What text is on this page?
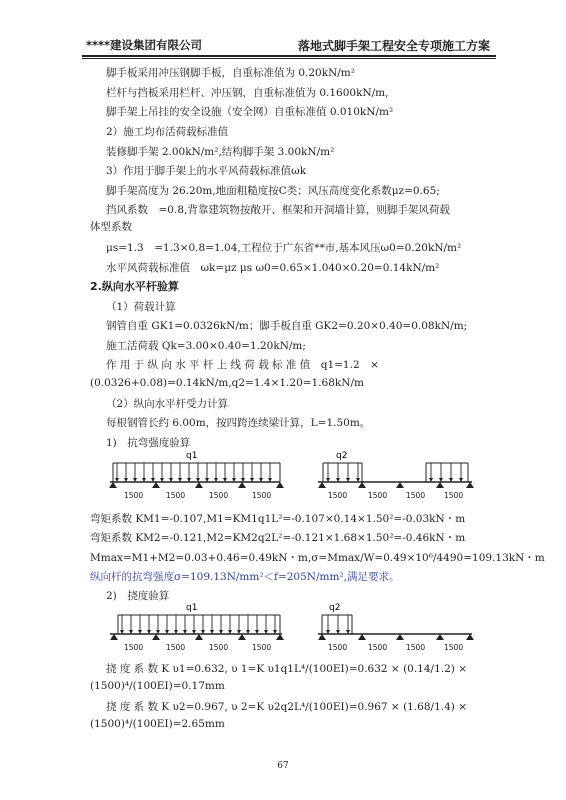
****建设集团有限公司	落地式脚手架工程安全专项施工方案
脚手板采用冲压钢脚手板，自重标准值为 0.20kN/m²
栏杆与挡板采用栏杆、冲压钢，自重标准值为 0.1600kN/m,
脚手架上吊挂的安全设施（安全网）自重标准值 0.010kN/m²
2）施工均布活荷载标准值
装修脚手架 2.00kN/m²,结构脚手架 3.00kN/m²
3）作用于脚手架上的水平风荷载标准值ωk
脚手架高度为 26.20m,地面粗糙度按C类；风压高度变化系数μz=0.65;
挡风系数　=0.8,背靠建筑物按敞开、框架和开洞墙计算，则脚手架风荷载
体型系数
μs=1.3　=1.3×0.8=1.04,工程位于广东省**市,基本风压ω0=0.20kN/m²
水平风荷载标准值　ωk=μz μs ω0=0.65×1.040×0.20=0.14kN/m²
2.纵向水平杆验算
（1）荷载计算
钢管自重 GK1=0.0326kN/m；脚手板自重 GK2=0.20×0.40=0.08kN/m;
施工活荷载 Qk=3.00×0.40=1.20kN/m;
作 用 于 纵 向 水 平 杆 上 线 荷 载 标 准 值　q1=1.2　×
(0.0326+0.08)=0.14kN/m,q2=1.4×1.20=1.68kN/m
（2）纵向水平杆受力计算
每根钢管长约 6.00m，按四跨连续梁计算，L=1.50m。
1)　抗弯强度验算
q1	q2
1500	1500	1500	1500	1500	1500	1500	1500
弯矩系数 KM1=-0.107,M1=KM1q1L²=-0.107×0.14×1.50²=-0.03kN・m
弯矩系数 KM2=-0.121,M2=KM2q2L²=-0.121×1.68×1.50²=-0.46kN・m
Mmax=M1+M2=0.03+0.46=0.49kN・m,σ=Mmax/W=0.49×10⁶/4490=109.13kN・m
纵向杆的抗弯强度σ=109.13N/mm²＜f=205N/mm²,满足要求。
2)　挠度验算
q1	q2
1500	1500	1500	1500	1500	1500	1500	1500
挠 度 系 数 K υ1=0.632, υ 1=K υ1q1L⁴/(100EI)=0.632 × (0.14/1.2) ×
(1500)⁴/(100EI)=0.17mm
挠 度 系 数 K υ2=0.967, υ 2=K υ2q2L⁴/(100EI)=0.967 × (1.68/1.4) ×
(1500)⁴/(100EI)=2.65mm
67
